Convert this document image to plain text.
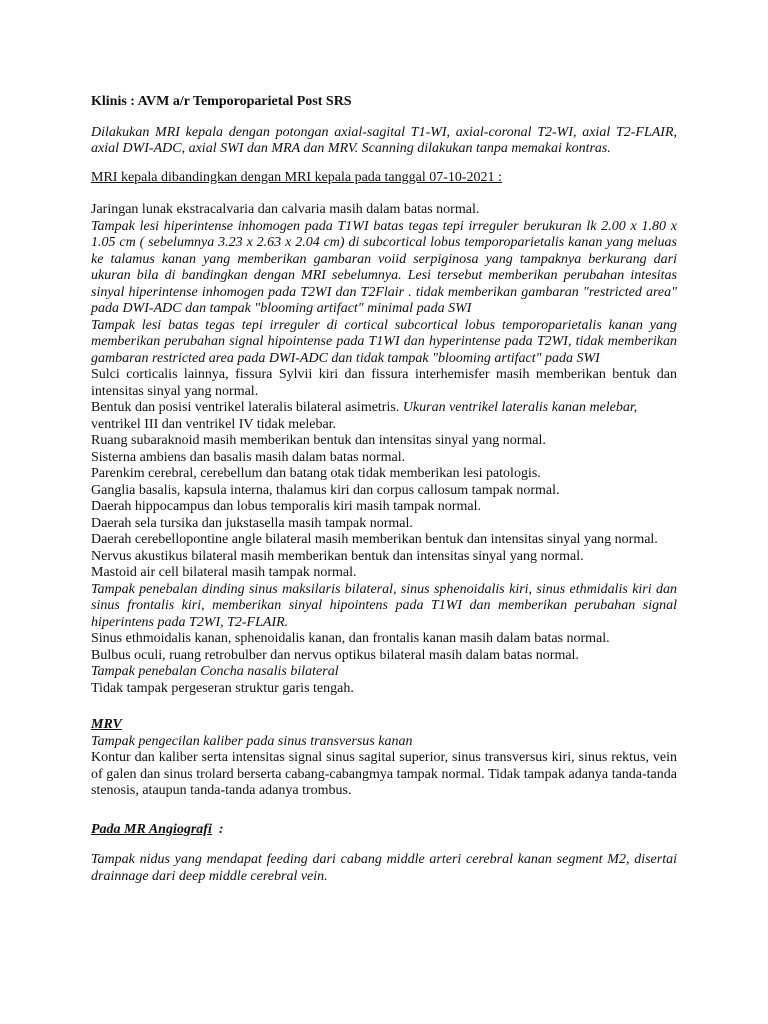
Klinis : AVM a/r Temporoparietal Post SRS

Dilakukan MRI kepala dengan potongan axial-sagital T1-WI, axial-coronal T2-WI, axial T2-FLAIR, axial DWI-ADC, axial SWI dan MRA dan MRV. Scanning dilakukan tanpa memakai kontras.

MRI kepala dibandingkan dengan MRI kepala pada tanggal 07-10-2021 :

Jaringan lunak ekstracalvaria dan calvaria masih dalam batas normal.

Tampak lesi hiperintense inhomogen pada T1WI batas tegas tepi irreguler berukuran lk 2.00 x 1.80 x 1.05 cm ( sebelumnya 3.23 x 2.63 x 2.04 cm) di subcortical lobus temporoparietalis kanan yang meluas ke talamus kanan yang memberikan gambaran voiid serpiginosa yang tampaknya berkurang dari ukuran bila di bandingkan dengan MRI sebelumnya. Lesi tersebut memberikan perubahan intesitas sinyal hiperintense inhomogen pada T2WI dan T2Flair . tidak memberikan gambaran "restricted area" pada DWI-ADC dan tampak "blooming artifact" minimal pada SWI

Tampak lesi batas tegas tepi irreguler di cortical subcortical lobus temporoparietalis kanan yang memberikan perubahan signal hipointense pada T1WI dan hyperintense pada T2WI, tidak memberikan gambaran restricted area pada DWI-ADC dan tidak tampak "blooming artifact" pada SWI

Sulci corticalis lainnya, fissura Sylvii kiri dan fissura interhemisfer masih memberikan bentuk dan intensitas sinyal yang normal.

Bentuk dan posisi ventrikel lateralis bilateral asimetris. Ukuran ventrikel lateralis kanan melebar,
ventrikel III dan ventrikel IV tidak melebar.

Ruang subaraknoid masih memberikan bentuk dan intensitas sinyal yang normal.

Sisterna ambiens dan basalis masih dalam batas normal.

Parenkim cerebral, cerebellum dan batang otak tidak memberikan lesi patologis.

Ganglia basalis, kapsula interna, thalamus kiri dan corpus callosum tampak normal.

Daerah hippocampus dan lobus temporalis kiri masih tampak normal.

Daerah sela tursika dan jukstasella masih tampak normal.

Daerah cerebellopontine angle bilateral masih memberikan bentuk dan intensitas sinyal yang normal.

Nervus akustikus bilateral masih memberikan bentuk dan intensitas sinyal yang normal.

Mastoid air cell bilateral masih tampak normal.

Tampak penebalan dinding sinus maksilaris bilateral, sinus sphenoidalis kiri, sinus ethmidalis kiri dan sinus frontalis kiri, memberikan sinyal hipointens pada T1WI dan memberikan perubahan signal hiperintens pada T2WI, T2-FLAIR.

Sinus ethmoidalis kanan, sphenoidalis kanan, dan frontalis kanan masih dalam batas normal.

Bulbus oculi, ruang retrobulber dan nervus optikus bilateral masih dalam batas normal.

Tampak penebalan Concha nasalis bilateral

Tidak tampak pergeseran struktur garis tengah.

MRV

Tampak pengecilan kaliber pada sinus transversus kanan

Kontur dan kaliber serta intensitas signal sinus sagital superior, sinus transversus kiri, sinus rektus, vein of galen dan sinus trolard berserta cabang-cabangmya tampak normal. Tidak tampak adanya tanda-tanda stenosis, ataupun tanda-tanda adanya trombus.

Pada MR Angiografi  :

Tampak nidus yang mendapat feeding dari cabang middle arteri cerebral kanan segment M2, disertai drainnage dari deep middle cerebral vein.
